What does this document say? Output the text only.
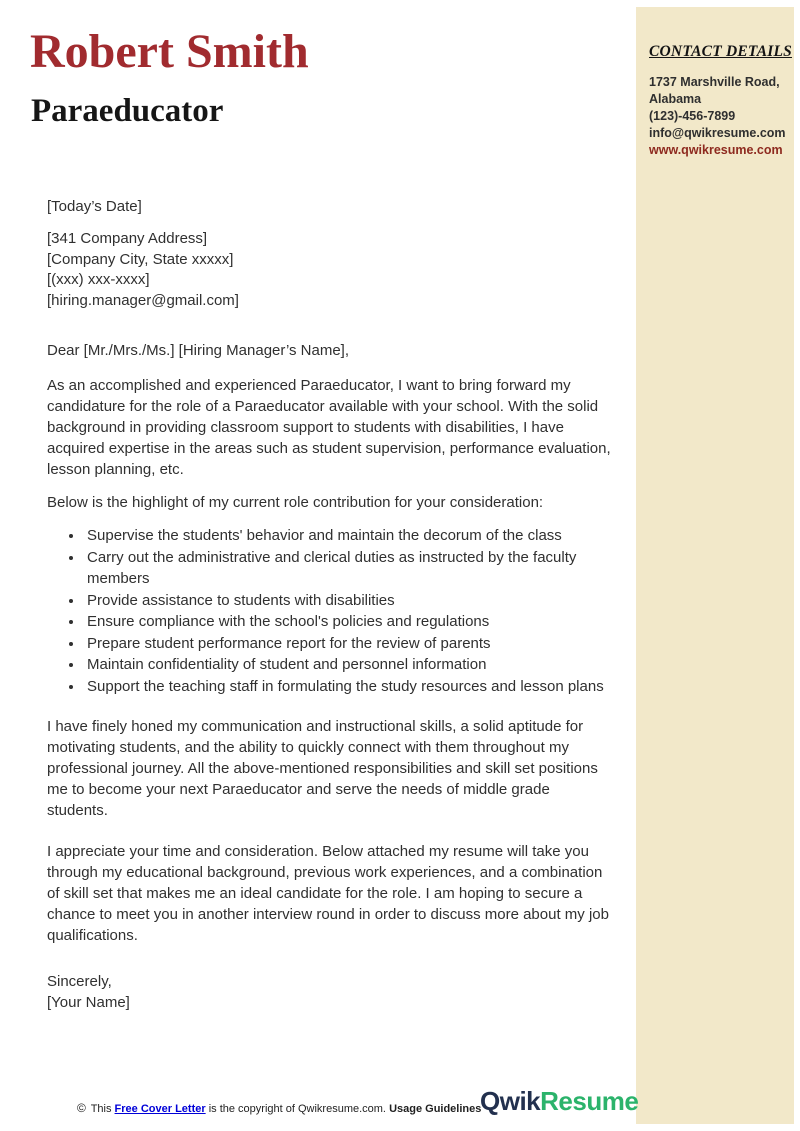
CONTACT DETAILS
1737 Marshville Road,
Alabama
(123)-456-7899
info@qwikresume.com
www.qwikresume.com
Robert Smith
Paraeducator

[Today’s Date]

[341 Company Address]
[Company City, State xxxxx]
[(xxx) xxx-xxxx]
[hiring.manager@gmail.com]

Dear [Mr./Mrs./Ms.] [Hiring Manager’s Name],

As an accomplished and experienced Paraeducator, I want to bring forward my candidature for the role of a Paraeducator available with your school. With the solid background in providing classroom support to students with disabilities, I have acquired expertise in the areas such as student supervision, performance evaluation, lesson planning, etc.

Below is the highlight of my current role contribution for your consideration:

• Supervise the students' behavior and maintain the decorum of the class
• Carry out the administrative and clerical duties as instructed by the faculty members
• Provide assistance to students with disabilities
• Ensure compliance with the school's policies and regulations
• Prepare student performance report for the review of parents
• Maintain confidentiality of student and personnel information
• Support the teaching staff in formulating the study resources and lesson plans

I have finely honed my communication and instructional skills, a solid aptitude for motivating students, and the ability to quickly connect with them throughout my professional journey. All the above-mentioned responsibilities and skill set positions me to become your next Paraeducator and serve the needs of middle grade students.

I appreciate your time and consideration. Below attached my resume will take you through my educational background, previous work experiences, and a combination of skill set that makes me an ideal candidate for the role. I am hoping to secure a chance to meet you in another interview round in order to discuss more about my job qualifications.

Sincerely,

[Your Name]

© This Free Cover Letter is the copyright of Qwikresume.com. Usage Guidelines
QwikResume
